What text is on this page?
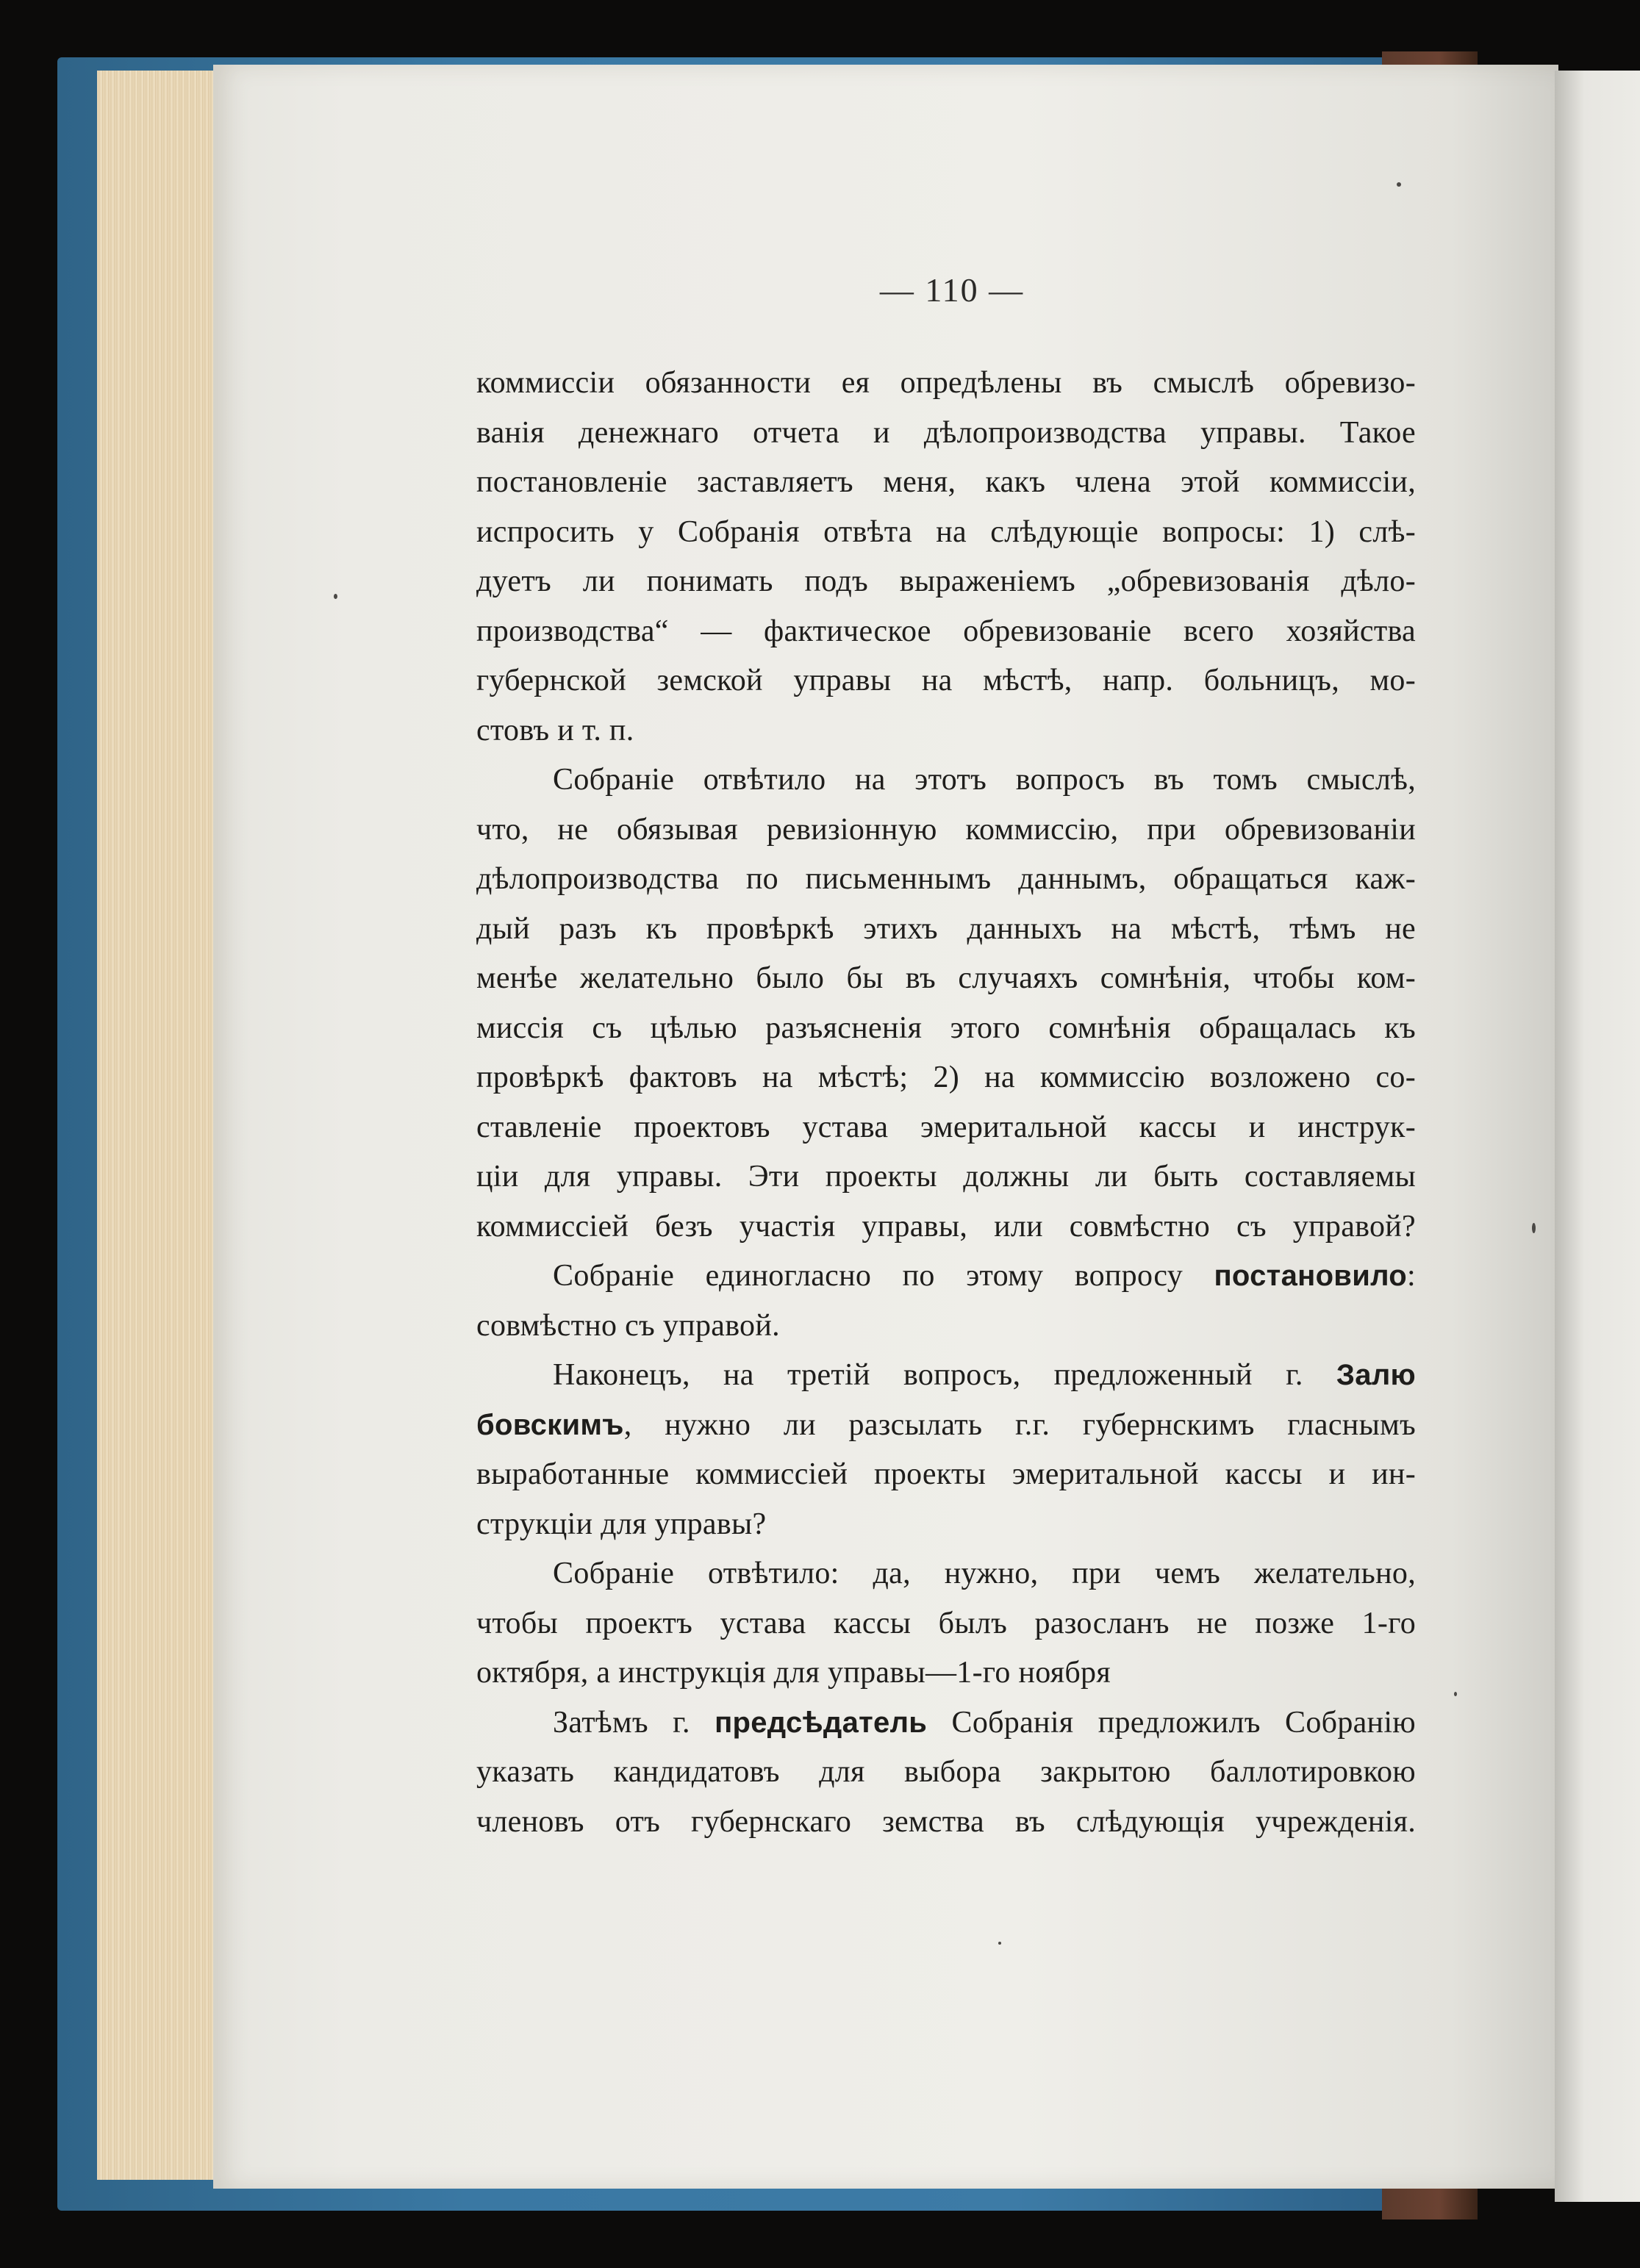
— 110 —

коммиссiи обязанности ея опредѣлены въ смыслѣ обревизо-

ванiя денежнаго отчета и дѣлопроизводства управы. Такое

постановленiе заставляетъ меня, какъ члена этой коммиссiи,

испросить у Собранiя отвѣта на слѣдующiе вопросы: 1) слѣ-

дуетъ ли понимать подъ выраженiемъ „обревизованiя дѣло-

производства“ — фактическое обревизованiе всего хозяйства

губернской земской управы на мѣстѣ, напр. больницъ, мо-

стовъ и т. п.

Собранiе отвѣтило на этотъ вопросъ въ томъ смыслѣ,

что, не обязывая ревизiонную коммиссiю, при обревизованiи

дѣлопроизводства по письменнымъ даннымъ, обращаться каж-

дый разъ къ провѣркѣ этихъ данныхъ на мѣстѣ, тѣмъ не

менѣе желательно было бы въ случаяхъ сомнѣнiя, чтобы ком-

миссiя съ цѣлью разъясненiя этого сомнѣнiя обращалась къ

провѣркѣ фактовъ на мѣстѣ; 2) на коммиссiю возложено со-

ставленiе проектовъ устава эмеритальной кассы и инструк-

цiи для управы. Эти проекты должны ли быть составляемы

коммиссiей безъ участiя управы, или совмѣстно съ управой?

Собранiе единогласно по этому вопросу постановило:

совмѣстно съ управой.

Наконецъ, на третiй вопросъ, предложенный г. Залю

бовскимъ, нужно ли разсылать г.г. губернскимъ гласнымъ

выработанные коммиссiей проекты эмеритальной кассы и ин-

струкцiи для управы?

Собранiе отвѣтило: да, нужно, при чемъ желательно,

чтобы проектъ устава кассы былъ разосланъ не позже 1-го

октября, а инструкцiя для управы—1-го ноября

Затѣмъ г. предсѣдатель Собранiя предложилъ Собранiю

указать кандидатовъ для выбора закрытою баллотировкою

членовъ отъ губернскаго земства въ слѣдующiя учрежденiя.
